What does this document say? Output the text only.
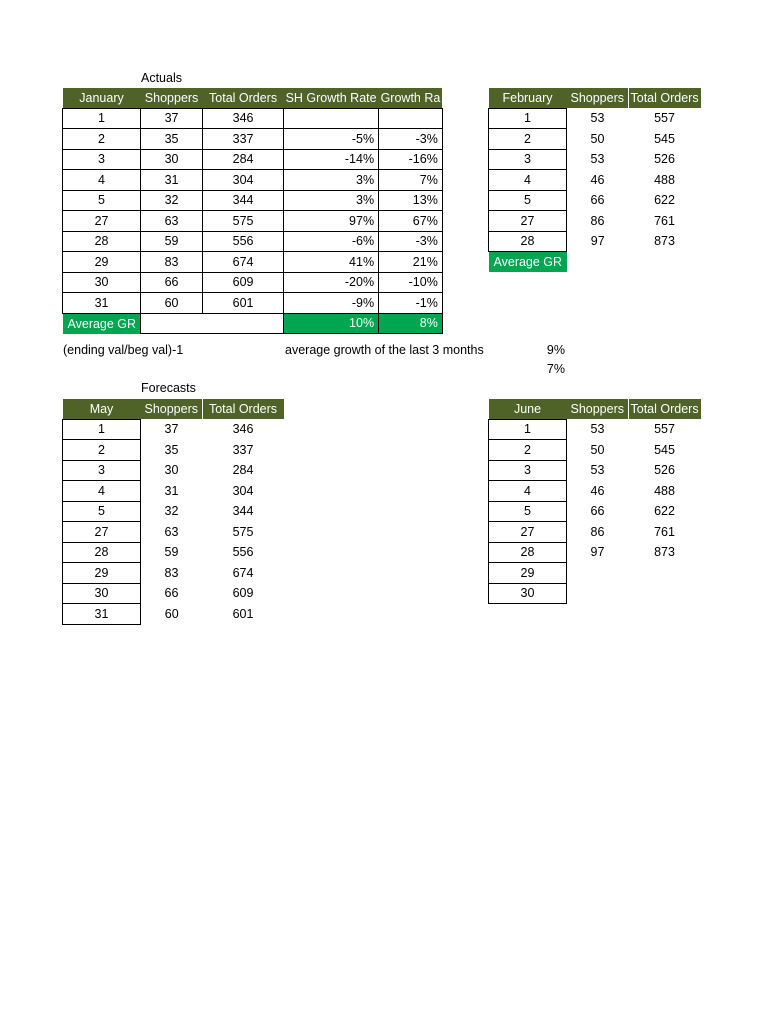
Actuals
Forecasts
(ending val/beg val)-1	average growth of the last 3 months	9%
7%
January	Shoppers	Total Orders	SH Growth Rate	Growth Ra
1	37	346		
2	35	337	-5%	-3%
3	30	284	-14%	-16%
4	31	304	3%	7%
5	32	344	3%	13%
27	63	575	97%	67%
28	59	556	-6%	-3%
29	83	674	41%	21%
30	66	609	-20%	-10%
31	60	601	-9%	-1%
Average GR			10%	8%
February	Shoppers	Total Orders
1	53	557
2	50	545
3	53	526
4	46	488
5	66	622
27	86	761
28	97	873
Average GR		
May	Shoppers	Total Orders
1	37	346
2	35	337
3	30	284
4	31	304
5	32	344
27	63	575
28	59	556
29	83	674
30	66	609
31	60	601
June	Shoppers	Total Orders
1	53	557
2	50	545
3	53	526
4	46	488
5	66	622
27	86	761
28	97	873
29		
30		
